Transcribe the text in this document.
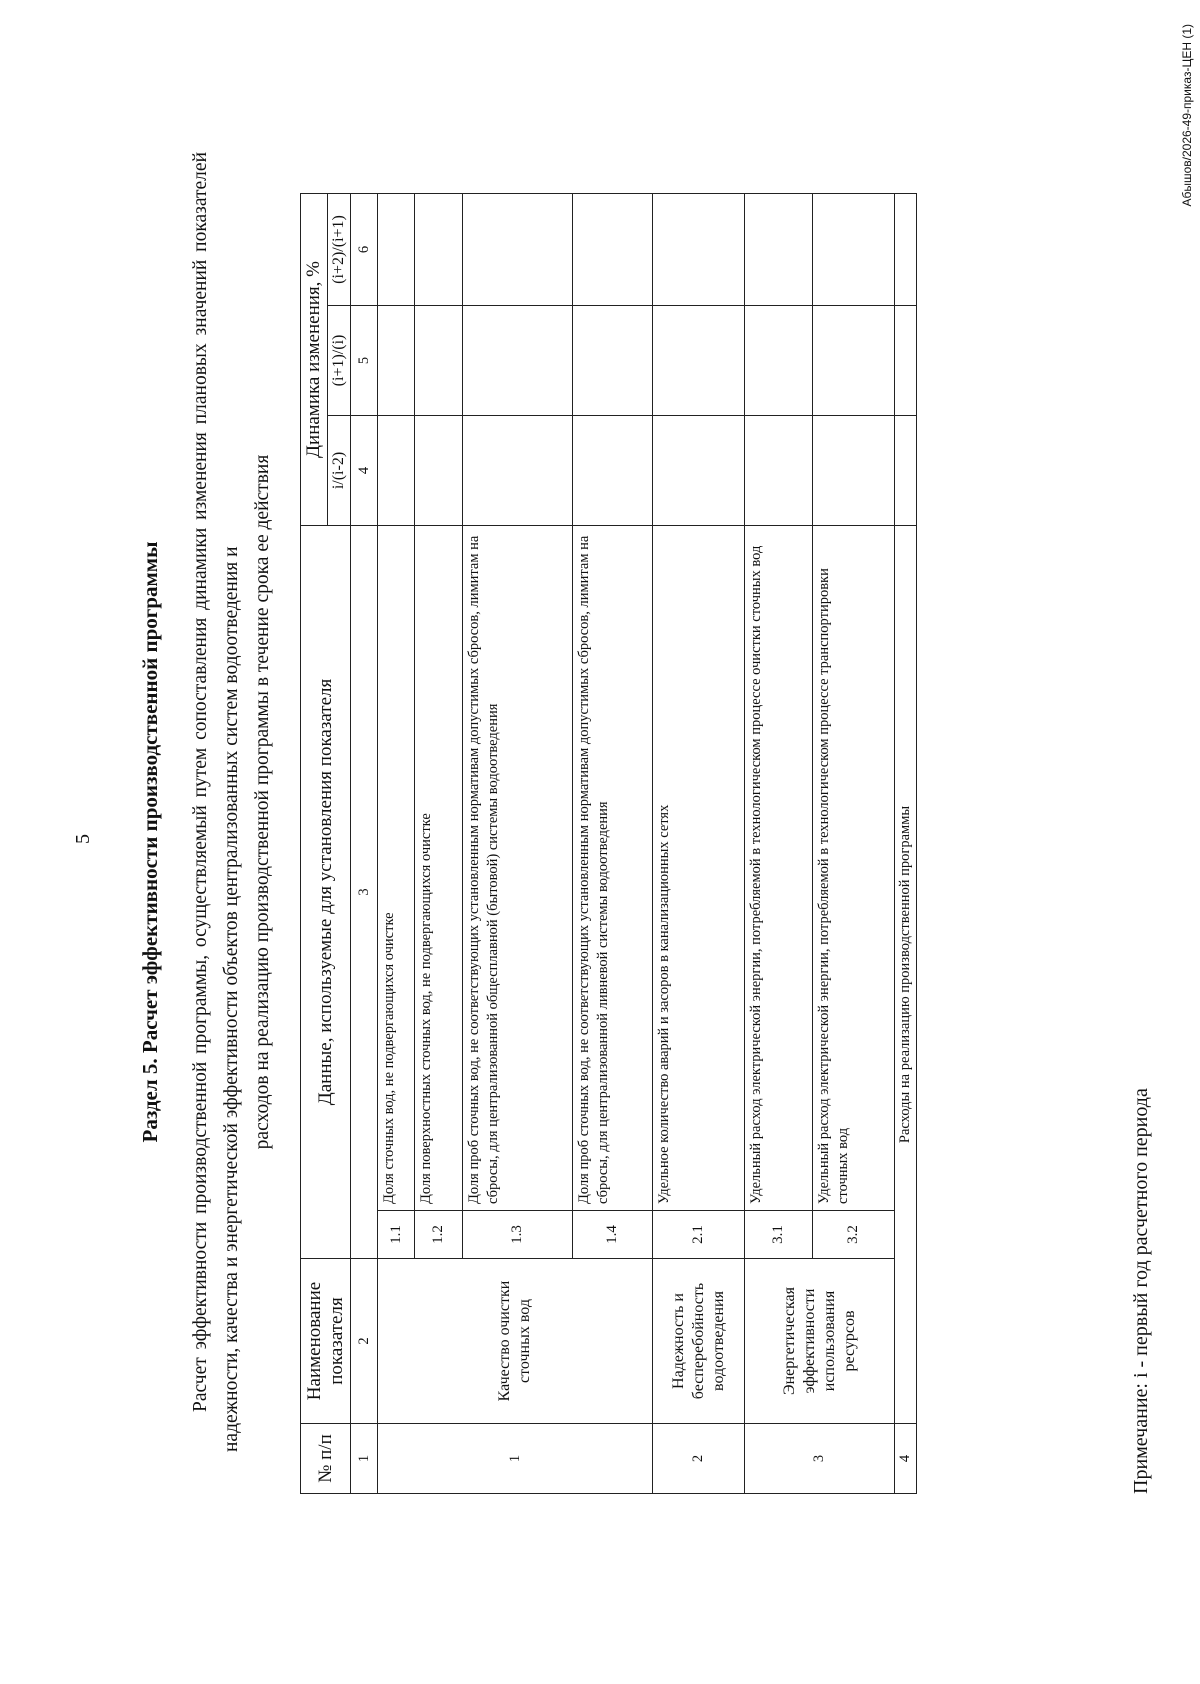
5 Раздел 5. Расчет эффективности производственной программы Расчет эффективности производственной программы, осуществляемый путем сопоставления динамики изменения плановых значений показателей надежности, качества и энергетической эффективности объектов централизованных систем водоотведения и расходов на реализацию производственной программы в течение срока ее действия
№ п/п	Наименование показателя	Данные, используемые для установления показателя		Динамика изменения, %		
				i/(i-2)	(i+1)/(i)	(i+2)/(i+1)
1	2	3		4	5	6
1	Качество очистки сточных вод	1.1	Доля сточных вод, не подвергающихся очистке			
		1.2	Доля поверхностных сточных вод, не подвергающихся очистке			
		1.3	Доля проб сточных вод, не соответствующих установленным нормативам допустимых сбросов, лимитам на сбросы, для централизованной общесплавной (бытовой) системы водоотведения			
		1.4	Доля проб сточных вод, не соответствующих установленным нормативам допустимых сбросов, лимитам на сбросы, для централизованной ливневой системы водоотведения			
2	Надежность и бесперебойность водоотведения	2.1	Удельное количество аварий и засоров в канализационных сетях			
3	Энергетическая эффективности использования ресурсов	3.1	Удельный расход электрической энергии, потребляемой в технологическом процессе очистки сточных вод			
		3.2	Удельный расход электрической энергии, потребляемой в технологическом процессе транспортировки сточных вод			
4	Расходы на реализацию производственной программы					
Примечание: i - первый год расчетного периода
Абышов/2026-49-приказ-ЦЕН (1)
